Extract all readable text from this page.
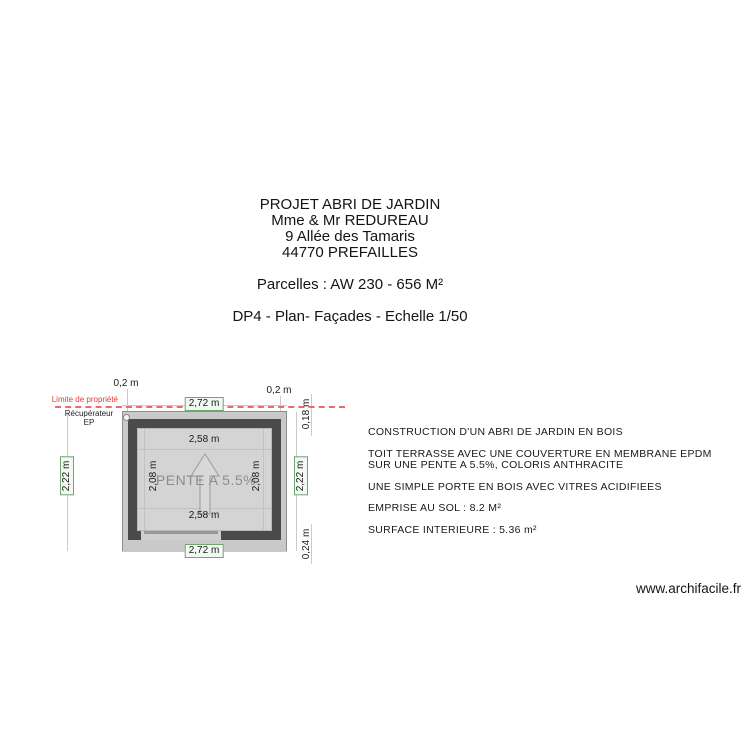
PROJET ABRI DE JARDIN
Mme & Mr REDUREAU
9 Allée des Tamaris
44770 PREFAILLES
Parcelles : AW 230 - 656 M²
DP4 - Plan- Façades - Echelle 1/50
Limite de propriété
Récupérateur
EP
PENTE A 5.5%
0,2 m
0,2 m
2,72 m
2,72 m
2,22 m	2,22 m
2,58 m
2,58 m
2,08 m	2,08 m
0,18 m
0,24 m

CONSTRUCTION D'UN ABRI DE JARDIN EN BOIS

TOIT TERRASSE AVEC UNE COUVERTURE EN MEMBRANE EPDM SUR UNE PENTE A 5.5%, COLORIS ANTHRACITE

UNE SIMPLE PORTE EN BOIS AVEC VITRES ACIDIFIEES

EMPRISE AU SOL : 8.2 M²

SURFACE INTERIEURE : 5.36 m²

www.archifacile.fr
